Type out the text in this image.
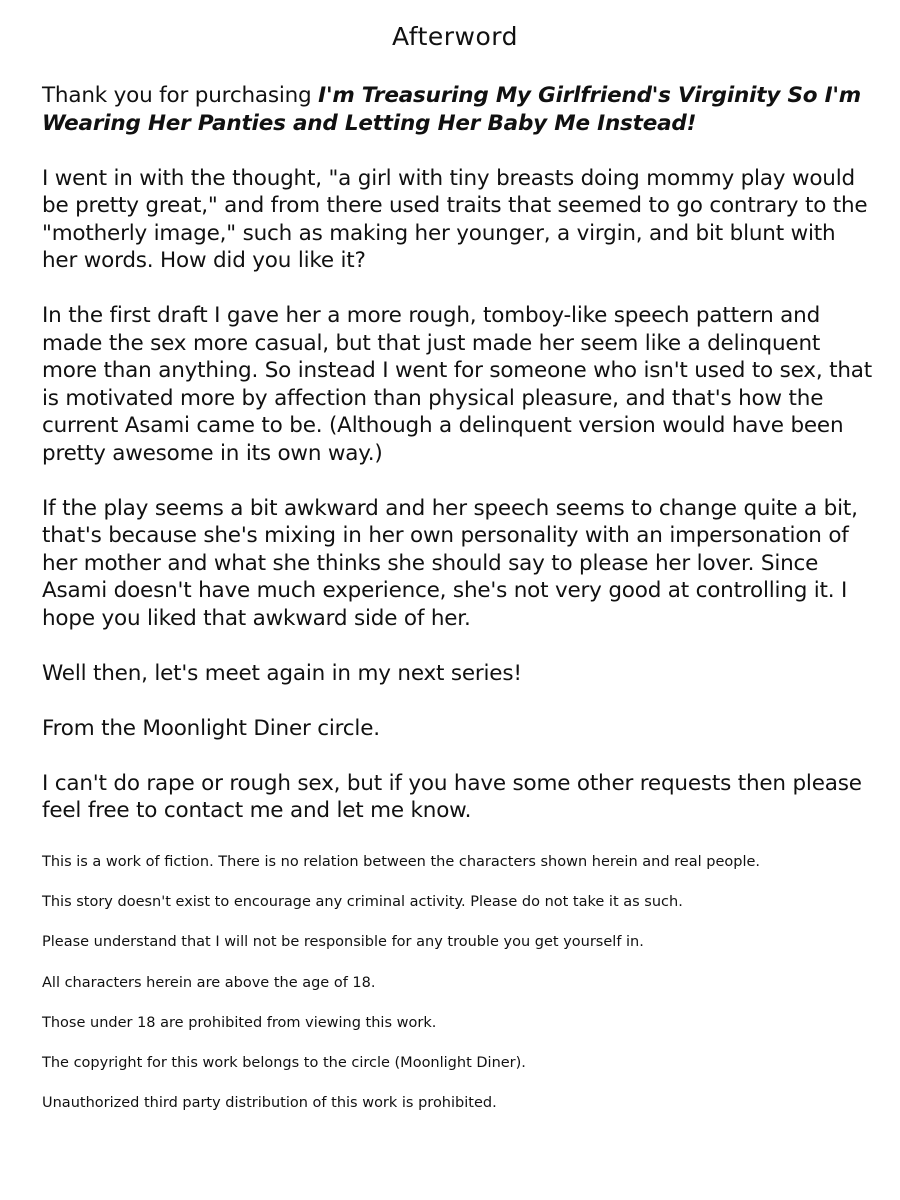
Afterword

Thank you for purchasing I'm Treasuring My Girlfriend's Virginity So I'm Wearing Her Panties and Letting Her Baby Me Instead!

I went in with the thought, "a girl with tiny breasts doing mommy play would be pretty great," and from there used traits that seemed to go contrary to the "motherly image," such as making her younger, a virgin, and bit blunt with her words. How did you like it?

In the first draft I gave her a more rough, tomboy-like speech pattern and made the sex more casual, but that just made her seem like a delinquent more than anything. So instead I went for someone who isn't used to sex, that is motivated more by affection than physical pleasure, and that's how the current Asami came to be. (Although a delinquent version would have been pretty awesome in its own way.)

If the play seems a bit awkward and her speech seems to change quite a bit, that's because she's mixing in her own personality with an impersonation of her mother and what she thinks she should say to please her lover. Since Asami doesn't have much experience, she's not very good at controlling it. I hope you liked that awkward side of her.

Well then, let's meet again in my next series!

From the Moonlight Diner circle.

I can't do rape or rough sex, but if you have some other requests then please feel free to contact me and let me know.

This is a work of fiction. There is no relation between the characters shown herein and real people.
This story doesn't exist to encourage any criminal activity. Please do not take it as such.
Please understand that I will not be responsible for any trouble you get yourself in.
All characters herein are above the age of 18.
Those under 18 are prohibited from viewing this work.
The copyright for this work belongs to the circle (Moonlight Diner).
Unauthorized third party distribution of this work is prohibited.
